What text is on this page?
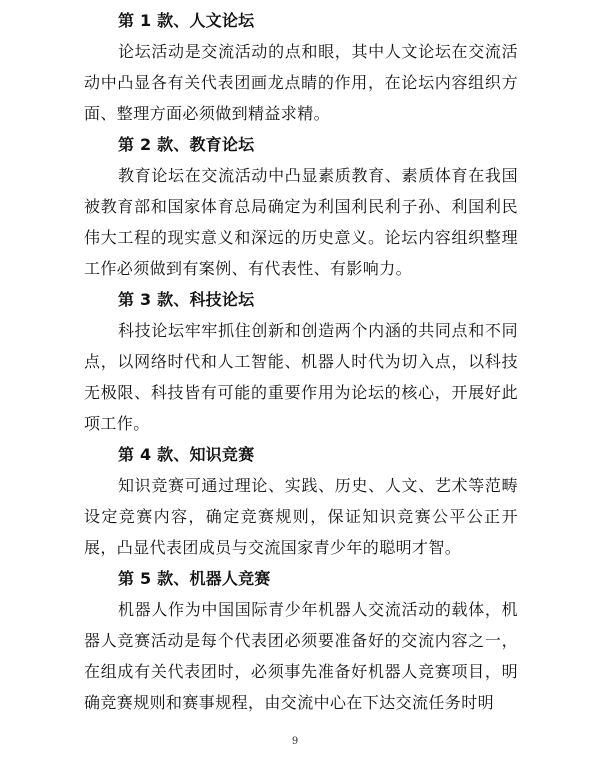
第 1 款、人文论坛
论坛活动是交流活动的点和眼，其中人文论坛在交流活动中凸显各有关代表团画龙点睛的作用，在论坛内容组织方面、整理方面必须做到精益求精。
第 2 款、教育论坛
教育论坛在交流活动中凸显素质教育、素质体育在我国被教育部和国家体育总局确定为利国利民利子孙、利国利民伟大工程的现实意义和深远的历史意义。论坛内容组织整理工作必须做到有案例、有代表性、有影响力。
第 3 款、科技论坛
科技论坛牢牢抓住创新和创造两个内涵的共同点和不同点，以网络时代和人工智能、机器人时代为切入点，以科技无极限、科技皆有可能的重要作用为论坛的核心，开展好此项工作。
第 4 款、知识竞赛
知识竞赛可通过理论、实践、历史、人文、艺术等范畴设定竞赛内容，确定竞赛规则，保证知识竞赛公平公正开展，凸显代表团成员与交流国家青少年的聪明才智。
第 5 款、机器人竞赛
机器人作为中国国际青少年机器人交流活动的载体，机器人竞赛活动是每个代表团必须要准备好的交流内容之一，在组成有关代表团时，必须事先准备好机器人竞赛项目，明确竞赛规则和赛事规程，由交流中心在下达交流任务时明
9
